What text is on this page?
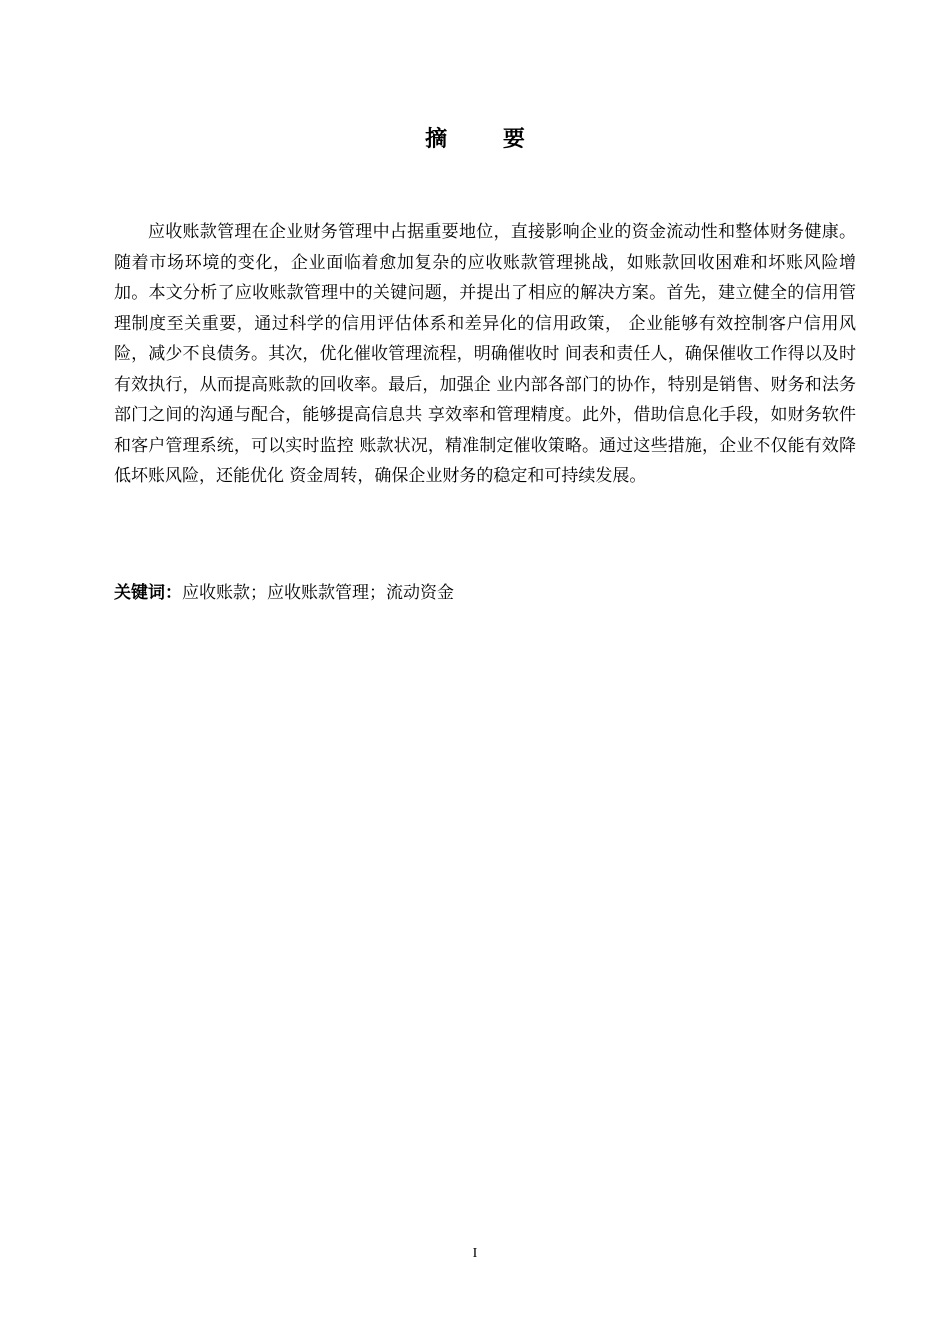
摘 要

应收账款管理在企业财务管理中占据重要地位，直接影响企业的资金流动性和整体财务健康。随着市场环境的变化，企业面临着愈加复杂的应收账款管理挑战，如账款回收困难和坏账风险增加。本文分析了应收账款管理中的关键问题，并提出了相应的解决方案。首先，建立健全的信用管理制度至关重要，通过科学的信用评估体系和差异化的信用政策， 企业能够有效控制客户信用风险，减少不良债务。其次，优化催收管理流程，明确催收时 间表和责任人，确保催收工作得以及时有效执行，从而提高账款的回收率。最后，加强企 业内部各部门的协作，特别是销售、财务和法务部门之间的沟通与配合，能够提高信息共 享效率和管理精度。此外，借助信息化手段，如财务软件和客户管理系统，可以实时监控 账款状况，精准制定催收策略。通过这些措施，企业不仅能有效降低坏账风险，还能优化 资金周转，确保企业财务的稳定和可持续发展。

关键词：应收账款；应收账款管理；流动资金

I
